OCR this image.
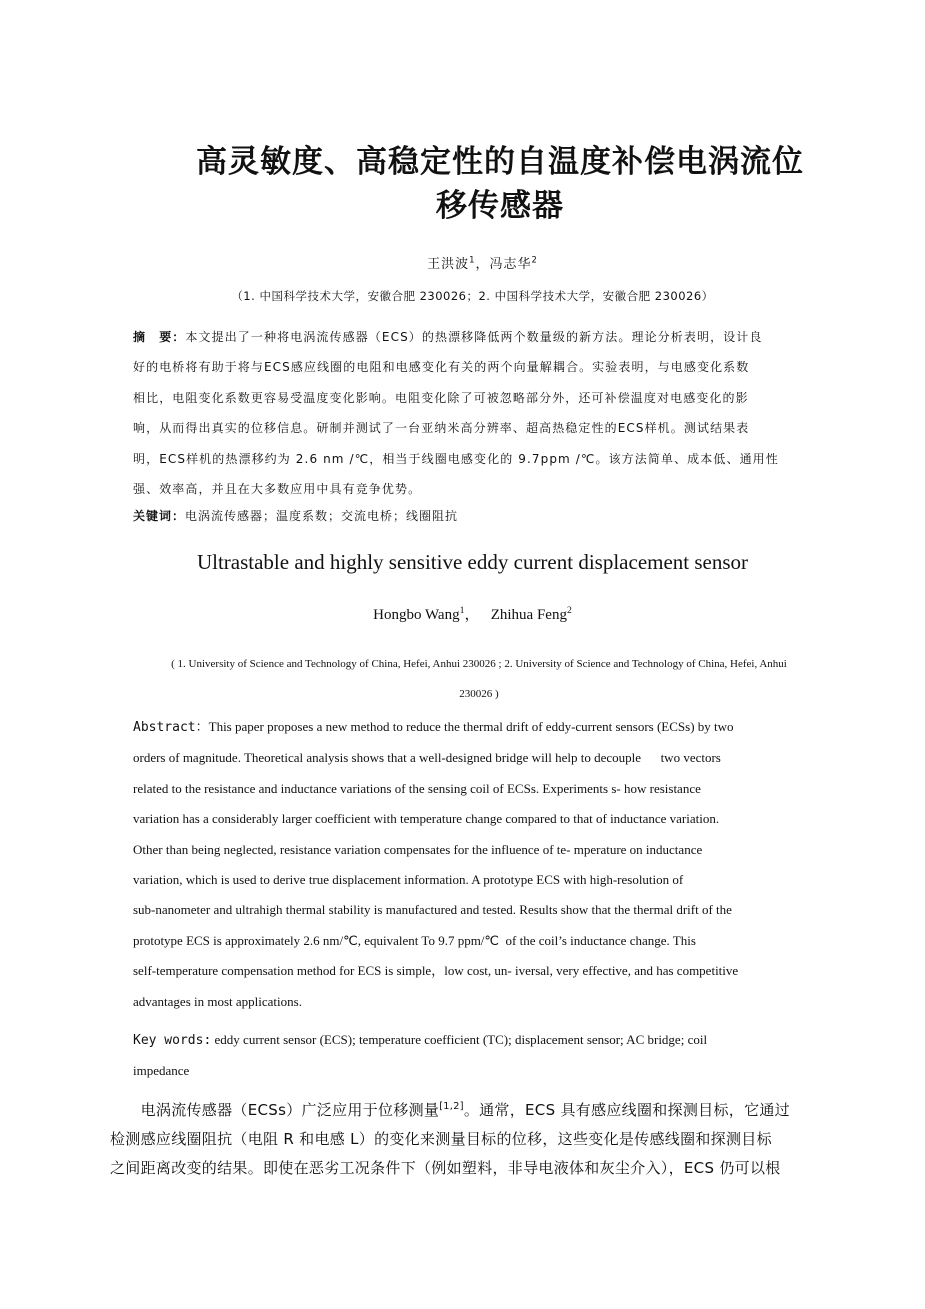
高灵敏度、高稳定性的自温度补偿电涡流位
移传感器
王洪波$^1$，冯志华$^2$
（1. 中国科学技术大学，安徽合肥 230026；2. 中国科学技术大学，安徽合肥 230026）
摘　要：本文提出了一种将电涡流传感器（ECS）的热漂移降低两个数量级的新方法。理论分析表明，设计良
好的电桥将有助于将与ECS感应线圈的电阻和电感变化有关的两个向量解耦合。实验表明，与电感变化系数
相比，电阻变化系数更容易受温度变化影响。电阻变化除了可被忽略部分外，还可补偿温度对电感变化的影
响，从而得出真实的位移信息。研制并测试了一台亚纳米高分辨率、超高热稳定性的ECS样机。测试结果表
明，ECS样机的热漂移约为 2.6 nm /℃，相当于线圈电感变化的 9.7ppm /℃。该方法简单、成本低、通用性
强、效率高，并且在大多数应用中具有竞争优势。
关键词：电涡流传感器；温度系数；交流电桥；线圈阻抗
Ultrastable and highly sensitive eddy current displacement sensor
Hongbo Wang$^1$， Zhihua Feng$^2$
( 1. University of Science and Technology of China, Hefei, Anhui 230026 ; 2. University of Science and Technology of China, Hefei, Anhui
230026 )
Abstract：This paper proposes a new method to reduce the thermal drift of eddy-current sensors (ECSs) by two
orders of magnitude. Theoretical analysis shows that a well-designed bridge will help to decouple      two vectors
related to the resistance and inductance variations of the sensing coil of ECSs. Experiments s- how resistance
variation has a considerably larger coefficient with temperature change compared to that of inductance variation.
Other than being neglected, resistance variation compensates for the influence of te- mperature on inductance
variation, which is used to derive true displacement information. A prototype ECS with high-resolution of
sub-nanometer and ultrahigh thermal stability is manufactured and tested. Results show that the thermal drift of the
prototype ECS is approximately 2.6 nm/℃, equivalent To 9.7 ppm/℃  of the coil’s inductance change. This
self-temperature compensation method for ECS is simple，low cost, un- iversal, very effective, and has competitive
advantages in most applications.
Key words: eddy current sensor (ECS); temperature coefficient (TC); displacement sensor; AC bridge; coil
impedance
　　电涡流传感器（ECSs）广泛应用于位移测量[1,2]。通常，ECS 具有感应线圈和探测目标，它通过
检测感应线圈阻抗（电阻 R 和电感 L）的变化来测量目标的位移，这些变化是传感线圈和探测目标
之间距离改变的结果。即使在恶劣工况条件下（例如塑料，非导电液体和灰尘介入），ECS 仍可以根
